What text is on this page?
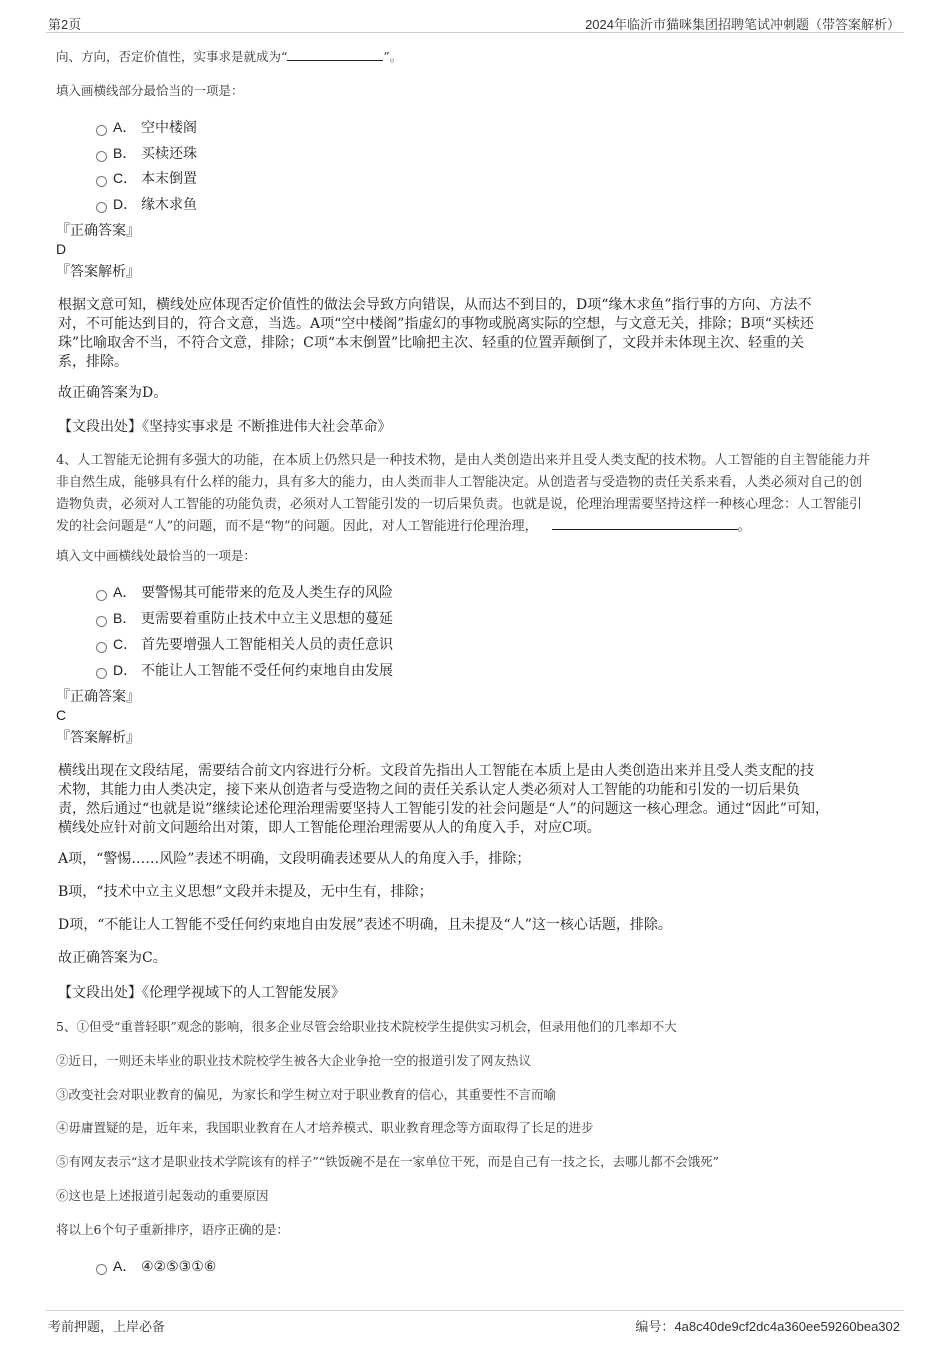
第2页	2024年临沂市猫咪集团招聘笔试冲刺题（带答案解析）
向、方向，否定价值性，实事求是就成为“	”。
填入画横线部分最恰当的一项是：
A． 空中楼阁
B． 买椟还珠
C． 本末倒置
D． 缘木求鱼
『正确答案』
D
『答案解析』
根据文意可知，横线处应体现否定价值性的做法会导致方向错误，从而达不到目的，D项“缘木求鱼”指行事的方向、方法不
对，不可能达到目的，符合文意，当选。A项“空中楼阁”指虚幻的事物或脱离实际的空想，与文意无关，排除；B项“买椟还
珠”比喻取舍不当，不符合文意，排除；C项“本末倒置”比喻把主次、轻重的位置弄颠倒了，文段并未体现主次、轻重的关
系，排除。
故正确答案为D。
【文段出处】《坚持实事求是 不断推进伟大社会革命》
4、人工智能无论拥有多强大的功能，在本质上仍然只是一种技术物，是由人类创造出来并且受人类支配的技术物。人工智能的自主智能能力并
非自然生成，能够具有什么样的能力，具有多大的能力，由人类而非人工智能决定。从创造者与受造物的责任关系来看，人类必须对自己的创
造物负责，必须对人工智能的功能负责，必须对人工智能引发的一切后果负责。也就是说，伦理治理需要坚持这样一种核心理念：人工智能引
发的社会问题是“人”的问题，而不是“物”的问题。因此，对人工智能进行伦理治理，	。
填入文中画横线处最恰当的一项是：
A． 要警惕其可能带来的危及人类生存的风险
B． 更需要着重防止技术中立主义思想的蔓延
C． 首先要增强人工智能相关人员的责任意识
D． 不能让人工智能不受任何约束地自由发展
『正确答案』
C
『答案解析』
横线出现在文段结尾，需要结合前文内容进行分析。文段首先指出人工智能在本质上是由人类创造出来并且受人类支配的技
术物，其能力由人类决定，接下来从创造者与受造物之间的责任关系认定人类必须对人工智能的功能和引发的一切后果负
责，然后通过“也就是说”继续论述伦理治理需要坚持人工智能引发的社会问题是“人”的问题这一核心理念。通过“因此”可知，
横线处应针对前文问题给出对策，即人工智能伦理治理需要从人的角度入手，对应C项。
A项，“警惕……风险”表述不明确，文段明确表述要从人的角度入手，排除；
B项，“技术中立主义思想”文段并未提及，无中生有，排除；
D项，“不能让人工智能不受任何约束地自由发展”表述不明确，且未提及“人”这一核心话题，排除。
故正确答案为C。
【文段出处】《伦理学视域下的人工智能发展》
5、①但受“重普轻职”观念的影响，很多企业尽管会给职业技术院校学生提供实习机会，但录用他们的几率却不大
②近日，一则还未毕业的职业技术院校学生被各大企业争抢一空的报道引发了网友热议
③改变社会对职业教育的偏见，为家长和学生树立对于职业教育的信心，其重要性不言而喻
④毋庸置疑的是，近年来，我国职业教育在人才培养模式、职业教育理念等方面取得了长足的进步
⑤有网友表示“这才是职业技术学院该有的样子”“铁饭碗不是在一家单位干死，而是自己有一技之长，去哪儿都不会饿死”
⑥这也是上述报道引起轰动的重要原因
将以上6个句子重新排序，语序正确的是：
A． ④②⑤③①⑥
考前押题，上岸必备	编号：4a8c40de9cf2dc4a360ee59260bea302
